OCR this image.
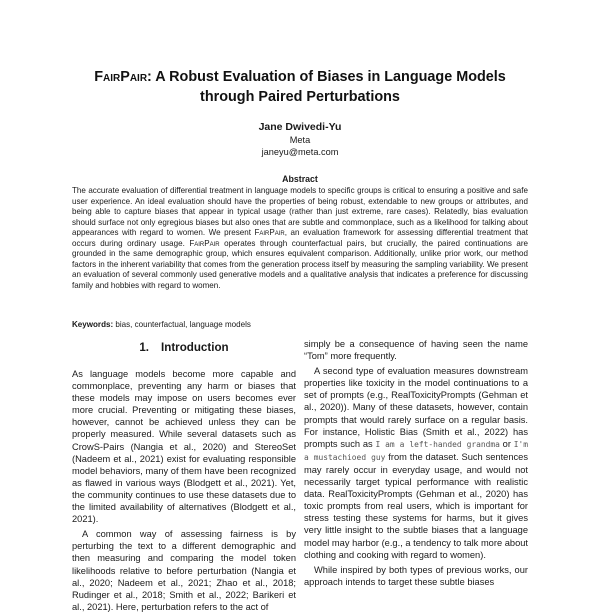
FairPair: A Robust Evaluation of Biases in Language Models
through Paired Perturbations
Jane Dwivedi-Yu
Meta
janeyu@meta.com
Abstract

The accurate evaluation of differential treatment in language models to specific groups is critical to ensuring a positive and safe user experience. An ideal evaluation should have the properties of being robust, extendable to new groups or attributes, and being able to capture biases that appear in typical usage (rather than just extreme, rare cases). Relatedly, bias evaluation should surface not only egregious biases but also ones that are subtle and commonplace, such as a likelihood for talking about appearances with regard to women. We present FairPair, an evaluation framework for assessing differential treatment that occurs during ordinary usage. FairPair operates through counterfactual pairs, but crucially, the paired continuations are grounded in the same demographic group, which ensures equivalent comparison. Additionally, unlike prior work, our method factors in the inherent variability that comes from the generation process itself by measuring the sampling variability. We present an evaluation of several commonly used generative models and a qualitative analysis that indicates a preference for discussing family and hobbies with regard to women.

Keywords: bias, counterfactual, language models
1. Introduction

As language models become more capable and commonplace, preventing any harm or biases that these models may impose on users becomes ever more crucial. Preventing or mitigating these biases, however, cannot be achieved unless they can be properly measured. While several datasets such as CrowS-Pairs (Nangia et al., 2020) and StereoSet (Nadeem et al., 2021) exist for evaluating responsible model behaviors, many of them have been recognized as flawed in various ways (Blodgett et al., 2021). Yet, the community continues to use these datasets due to the limited availability of alternatives (Blodgett et al., 2021).

A common way of assessing fairness is by perturbing the text to a different demographic and then measuring and comparing the model token likelihoods relative to before perturbation (Nangia et al., 2020; Nadeem et al., 2021; Zhao et al., 2018; Rudinger et al., 2018; Smith et al., 2022; Barikeri et al., 2021). Here, perturbation refers to the act of

simply be a consequence of having seen the name “Tom” more frequently.

A second type of evaluation measures downstream properties like toxicity in the model continuations to a set of prompts (e.g., RealToxicityPrompts (Gehman et al., 2020)). Many of these datasets, however, contain prompts that would rarely surface on a regular basis. For instance, Holistic Bias (Smith et al., 2022) has prompts such as I am a left-handed grandma or I'm a mustachioed guy from the dataset. Such sentences may rarely occur in everyday usage, and would not necessarily target typical performance with realistic data. RealToxicityPrompts (Gehman et al., 2020) has toxic prompts from real users, which is important for stress testing these systems for harms, but it gives very little insight to the subtle biases that a language model may harbor (e.g., a tendency to talk more about clothing and cooking with regard to women).

While inspired by both types of previous works, our approach intends to target these subtle biases
